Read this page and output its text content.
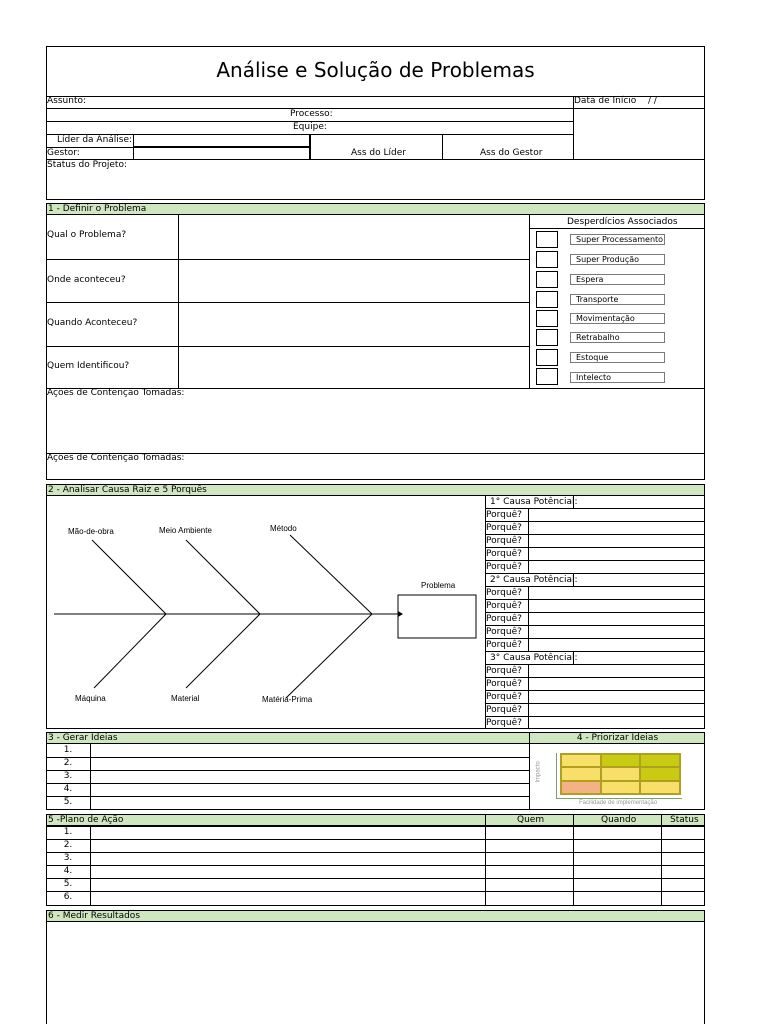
Análise e Solução de Problemas
Assunto:	Data de Início / /
Processo:
Equipe:
Líder da Análise:
Gestor:	Ass do Líder	Ass do Gestor
Status do Projeto:
1 - Definir o Problema
Qual o Problema?
Onde aconteceu?
Quando Aconteceu?
Quem Identificou?
Desperdícios Associados
Super Processamento
Super Produção
Espera
Transporte
Movimentação
Retrabalho
Estoque
Intelecto
Ações de Contenção Tomadas:
Ações de Contenção Tomadas:
2 - Analisar Causa Raiz e 5 Porquês
Mão-de-obra	Meio Ambiente	Método
Máquina	Material	Matéria-Prima
Problema
1° Causa Potêncial:
2° Causa Potêncial:
3° Causa Potêncial:
Porquê?
Porquê?
Porquê?
Porquê?
Porquê?
Porquê?
Porquê?
Porquê?
Porquê?
Porquê?
Porquê?
Porquê?
Porquê?
Porquê?
Porquê?
3 - Gerar Ideias	4 - Priorizar Ideias
1.
2.
3.
4.
5.
Impacto
Facilidade de implementação
5 -Plano de Ação	Quem	Quando	Status
1.
2.
3.
4.
5.
6.
6 - Medir Resultados
